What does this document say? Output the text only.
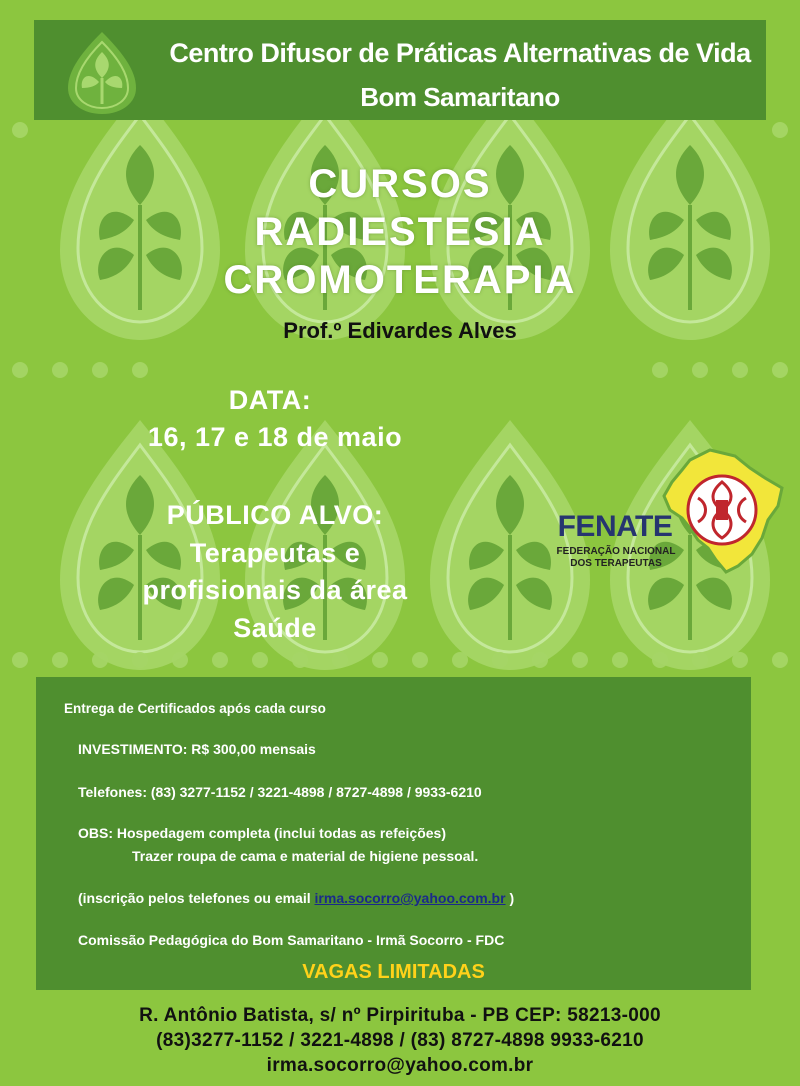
Centro Difusor de Práticas Alternativas de Vida
Bom Samaritano
CURSOS
RADIESTESIA
CROMOTERAPIA
Prof.º Edivardes Alves
DATA:
16, 17 e 18 de maio
PÚBLICO ALVO:
Terapeutas e
profisionais da área
Saúde
FENATE
FEDERAÇÃO NACIONAL
DOS TERAPEUTAS
Entrega de Certificados após cada curso
INVESTIMENTO: R$ 300,00 mensais
Telefones: (83) 3277-1152 / 3221-4898 / 8727-4898 / 9933-6210
OBS: Hospedagem completa (inclui todas as refeições)
Trazer roupa de cama e material de higiene pessoal.
(inscrição pelos telefones ou email irma.socorro@yahoo.com.br )
Comissão Pedagógica do Bom Samaritano - Irmã Socorro - FDC
VAGAS LIMITADAS
R. Antônio Batista, s/ nº Pirpirituba - PB CEP: 58213-000
(83)3277-1152 / 3221-4898 / (83) 8727-4898 9933-6210
irma.socorro@yahoo.com.br
